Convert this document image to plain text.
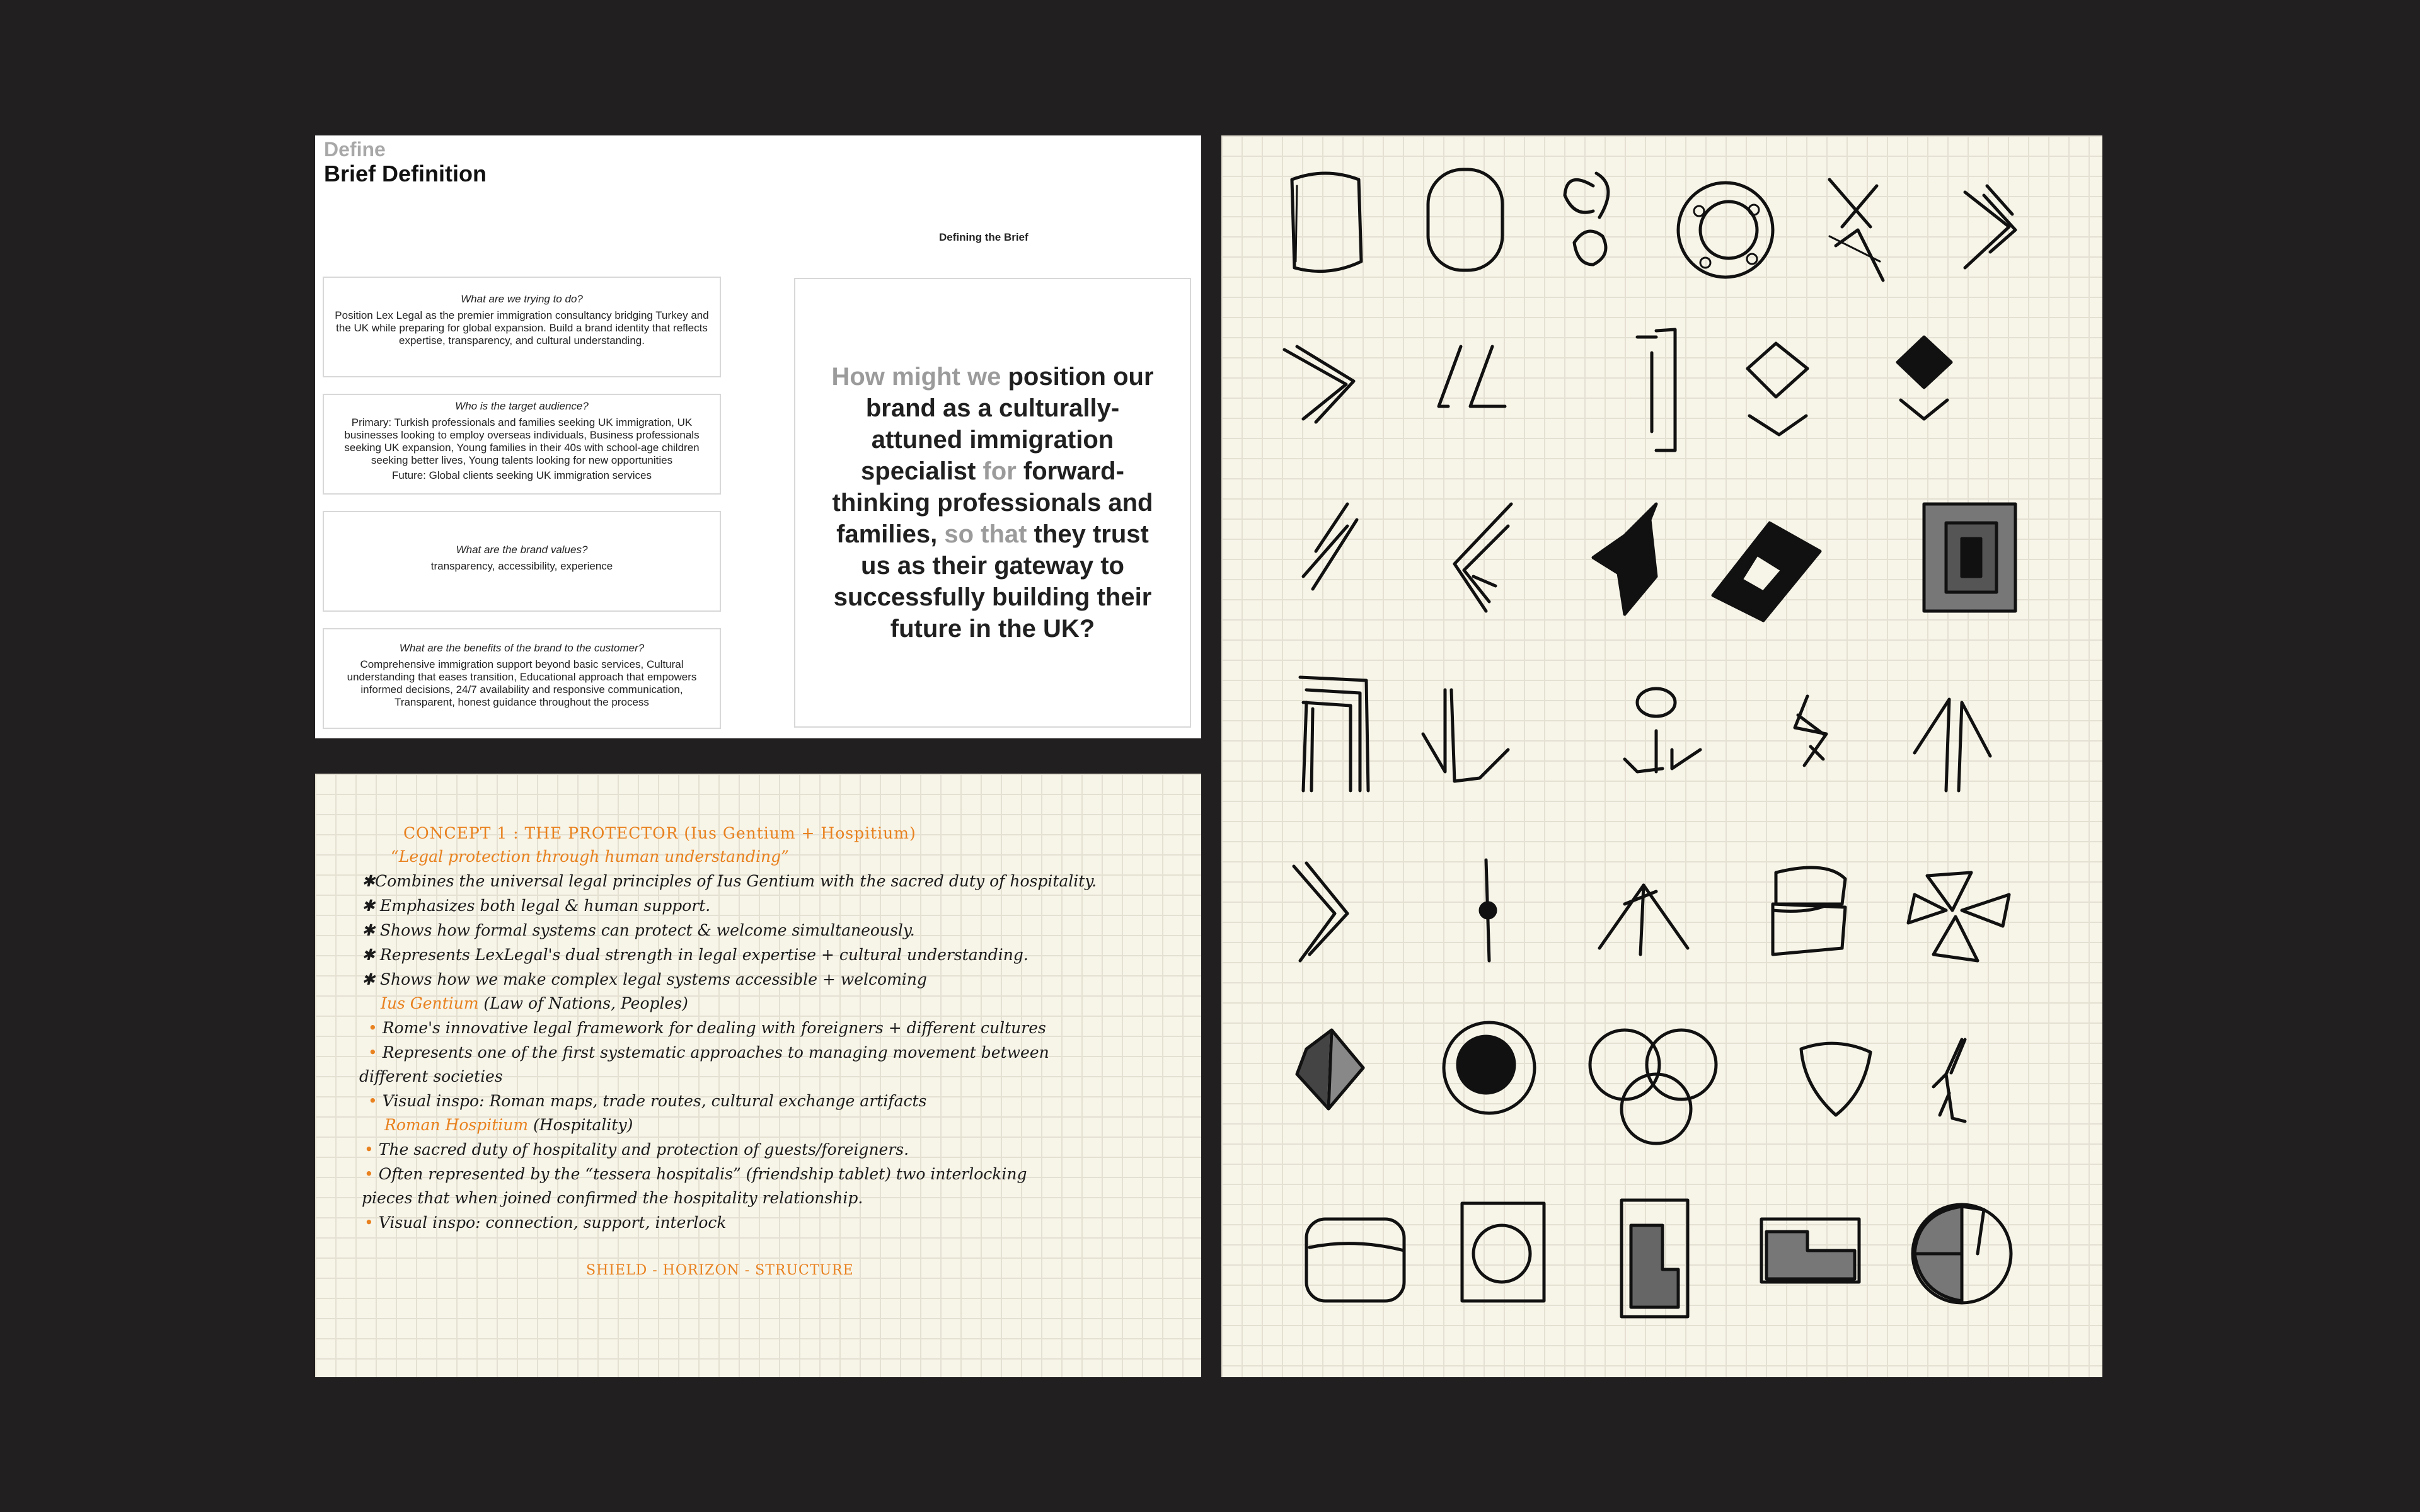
Define
Brief Definition
Defining the Brief
What are we trying to do?
Position Lex Legal as the premier immigration consultancy bridging Turkey and the UK while preparing for global expansion. Build a brand identity that reflects expertise, transparency, and cultural understanding.
Who is the target audience?
Primary: Turkish professionals and families seeking UK immigration, UK businesses looking to employ overseas individuals, Business professionals seeking UK expansion, Young families in their 40s with school-age children seeking better lives, Young talents looking for new opportunities
Future: Global clients seeking UK immigration services
What are the brand values?
transparency, accessibility, experience
What are the benefits of the brand to the customer?
Comprehensive immigration support beyond basic services, Cultural understanding that eases transition, Educational approach that empowers informed decisions, 24/7 availability and responsive communication, Transparent, honest guidance throughout the process
How might we position our brand as a culturally-attuned immigration specialist for forward-thinking professionals and families, so that they trust us as their gateway to successfully building their future in the UK?
CONCEPT 1 : THE PROTECTOR (Ius Gentium + Hospitium)
“Legal protection through human understanding”
✱Combines the universal legal principles of Ius Gentium with the sacred duty of hospitality.
✱ Emphasizes both legal & human support.
✱ Shows how formal systems can protect & welcome simultaneously.
✱ Represents LexLegal's dual strength in legal expertise + cultural understanding.
✱ Shows how we make complex legal systems accessible + welcoming
Ius Gentium (Law of Nations, Peoples)
• Rome's innovative legal framework for dealing with foreigners + different cultures
• Represents one of the first systematic approaches to managing movement between
different societies
• Visual inspo: Roman maps, trade routes, cultural exchange artifacts
Roman Hospitium (Hospitality)
• The sacred duty of hospitality and protection of guests/foreigners.
• Often represented by the “tessera hospitalis” (friendship tablet) two interlocking
pieces that when joined confirmed the hospitality relationship.
• Visual inspo: connection, support, interlock
SHIELD - HORIZON - STRUCTURE
